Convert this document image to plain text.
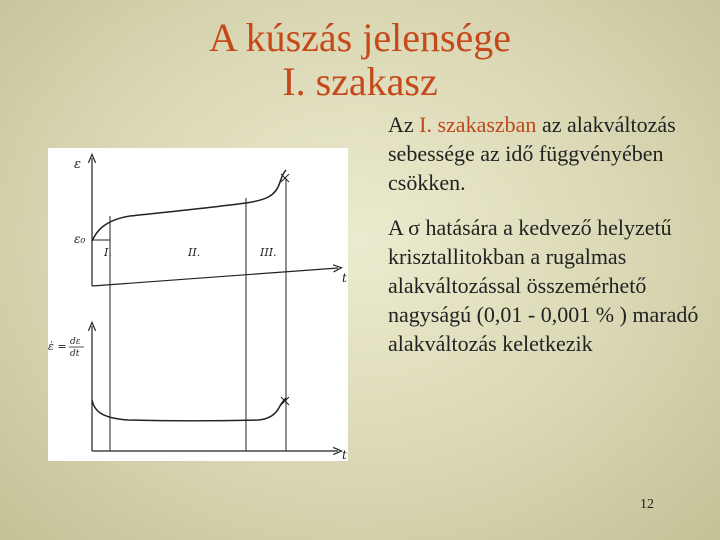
A kúszás jelensége
I. szakasz
ε
ε₀
I.	II.	III.
t
ε̇ = dε
dt
t

Az I. szakaszban az alakváltozás sebessége az idő függvényében csökken.

A σ hatására a kedvező helyzetű krisztallitokban a rugalmas alakváltozással összemérhető nagyságú (0,01 - 0,001 % ) maradó alakváltozás keletkezik

12
